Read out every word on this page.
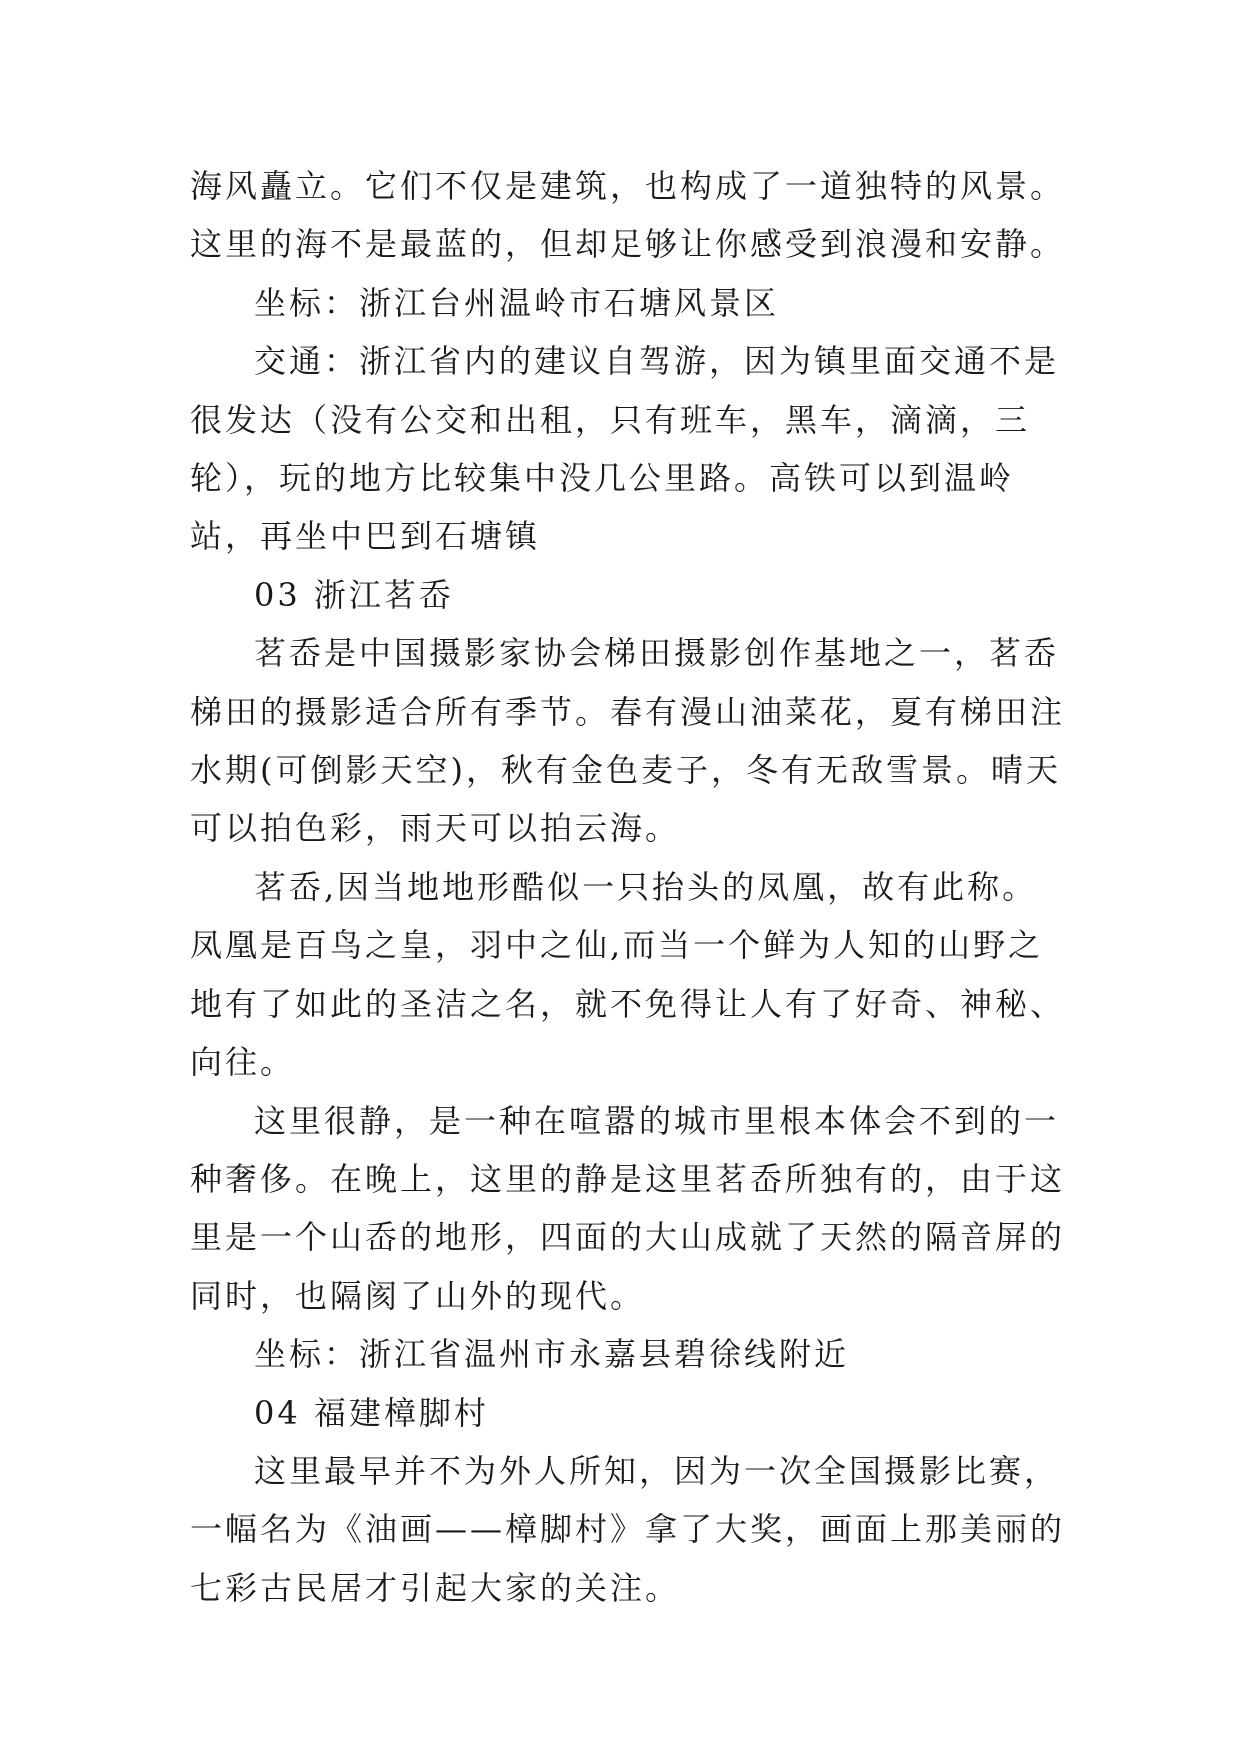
海风矗立。它们不仅是建筑，也构成了一道独特的风景。这里的海不是最蓝的，但却足够让你感受到浪漫和安静。

坐标：浙江台州温岭市石塘风景区

交通：浙江省内的建议自驾游，因为镇里面交通不是很发达（没有公交和出租，只有班车，黑车，滴滴，三轮），玩的地方比较集中没几公里路。高铁可以到温岭站，再坐中巴到石塘镇

03 浙江茗岙

茗岙是中国摄影家协会梯田摄影创作基地之一，茗岙梯田的摄影适合所有季节。春有漫山油菜花，夏有梯田注水期(可倒影天空)，秋有金色麦子，冬有无敌雪景。晴天可以拍色彩，雨天可以拍云海。

茗岙,因当地地形酷似一只抬头的凤凰，故有此称。凤凰是百鸟之皇，羽中之仙,而当一个鲜为人知的山野之地有了如此的圣洁之名，就不免得让人有了好奇、神秘、向往。

这里很静，是一种在喧嚣的城市里根本体会不到的一种奢侈。在晚上，这里的静是这里茗岙所独有的，由于这里是一个山岙的地形，四面的大山成就了天然的隔音屏的同时，也隔阂了山外的现代。

坐标：浙江省温州市永嘉县碧徐线附近

04 福建樟脚村

这里最早并不为外人所知，因为一次全国摄影比赛，一幅名为《油画——樟脚村》拿了大奖，画面上那美丽的七彩古民居才引起大家的关注。
